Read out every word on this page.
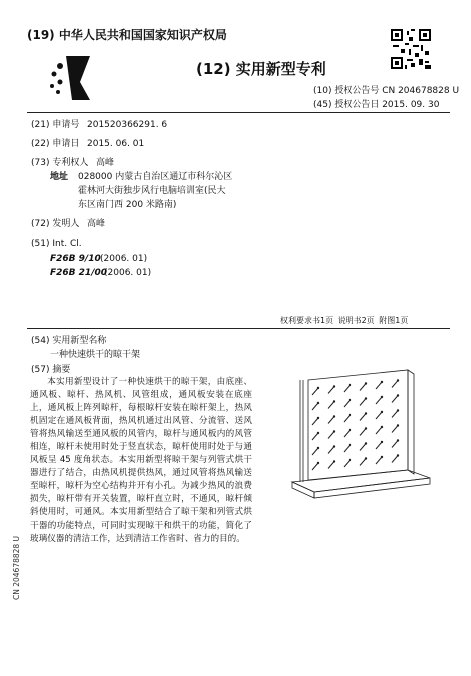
(19) 中华人民共和国国家知识产权局
(12) 实用新型专利
(10) 授权公告号 CN 204678828 U
(45) 授权公告日 2015. 09. 30
(21) 申请号 201520366291. 6
(22) 申请日 2015. 06. 01
(73) 专利权人 高峰
地址 028000 内蒙古自治区通辽市科尔沁区
霍林河大街独步风行电脑培训室(民大
东区南门西 200 米路南)
(72) 发明人 高峰
(51) Int. Cl.
F26B 9/10 (2006. 01)
F26B 21/00
(2006. 01)
权利要求书1页 说明书2页 附图1页
(54) 实用新型名称
一种快速烘干的晾干架
(57) 摘要
本实用新型设计了一种快速烘干的晾干架，由底座、通风板、晾杆、热风机、风管组成，通风板安装在底座上，通风板上阵列晾杆，每根晾杆安装在晾杆架上，热风机固定在通风板背面，热风机通过出风管、分流管、送风管将热风输送至通风板的风管内，晾杆与通风板内的风管相连，晾杆未使用时处于竖直状态，晾杆使用时处于与通风板呈 45 度角状态。本实用新型将晾干架与列管式烘干器进行了结合，由热风机提供热风，通过风管将热风输送至晾杆，晾杆为空心结构并开有小孔。为减少热风的浪费损失，晾杆带有开关装置，晾杆直立时，不通风，晾杆倾斜使用时，可通风。本实用新型结合了晾干架和列管式烘干器的功能特点，可同时实现晾干和烘干的功能，简化了玻璃仪器的清洁工作，达到清洁工作省时、省力的目的。
CN 204678828 U
